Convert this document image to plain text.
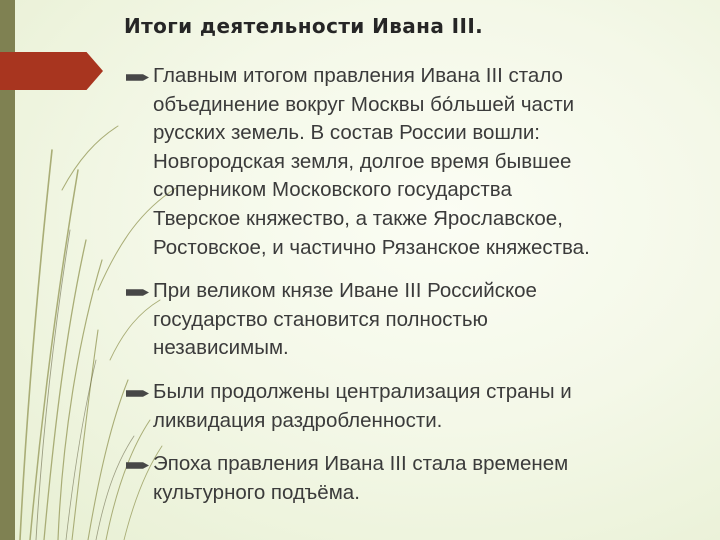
Итоги деятельности Ивана III.
Главным итогом правления Ивана III стало
объединение вокруг Москвы бо́льшей части
русских земель. В состав России вошли:
Новгородская земля, долгое время бывшее
соперником Московского государства
Тверское княжество, а также Ярославское,
Ростовское, и частично Рязанское княжества.
При великом князе Иване III Российское
государство становится полностью
независимым.
Были продолжены централизация страны и
ликвидация раздробленности.
Эпоха правления Ивана III стала временем
культурного подъёма.
